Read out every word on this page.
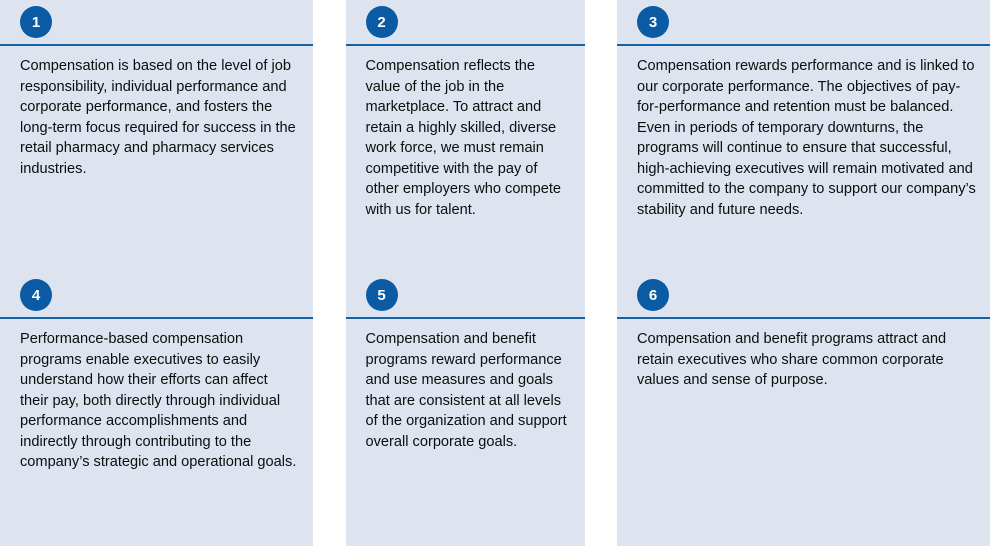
1

Compensation is based on the level of job responsibility, individual performance and corporate performance, and fosters the long-term focus required for success in the retail pharmacy and pharmacy services industries.

2

Compensation reflects the value of the job in the marketplace. To attract and retain a highly skilled, diverse work force, we must remain competitive with the pay of other employers who compete with us for talent.

3

Compensation rewards performance and is linked to our corporate performance. The objectives of pay-for-performance and retention must be balanced. Even in periods of temporary downturns, the programs will continue to ensure that successful, high-achieving executives will remain motivated and committed to the company to support our company’s stability and future needs.

4

Performance-based compensation programs enable executives to easily understand how their efforts can affect their pay, both directly through individual performance accomplishments and indirectly through contributing to the company’s strategic and operational goals.

5

Compensation and benefit programs reward performance and use measures and goals that are consistent at all levels of the organization and support overall corporate goals.

6

Compensation and benefit programs attract and retain executives who share common corporate values and sense of purpose.
